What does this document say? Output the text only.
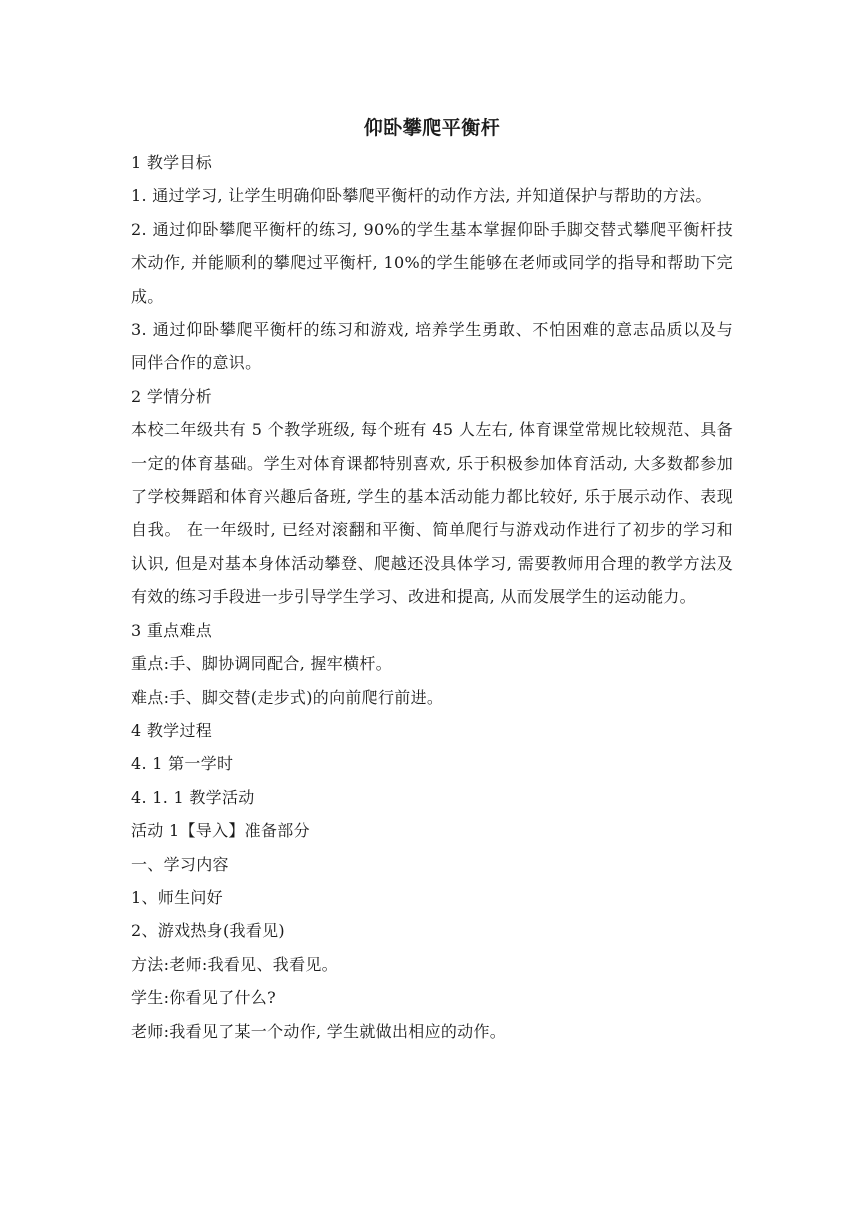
仰卧攀爬平衡杆

1 教学目标

1. 通过学习, 让学生明确仰卧攀爬平衡杆的动作方法, 并知道保护与帮助的方法。

2. 通过仰卧攀爬平衡杆的练习, 90%的学生基本掌握仰卧手脚交替式攀爬平衡杆技术动作, 并能顺利的攀爬过平衡杆, 10%的学生能够在老师或同学的指导和帮助下完成。

3. 通过仰卧攀爬平衡杆的练习和游戏, 培养学生勇敢、不怕困难的意志品质以及与同伴合作的意识。

2 学情分析

本校二年级共有 5 个教学班级, 每个班有 45 人左右, 体育课堂常规比较规范、具备一定的体育基础。学生对体育课都特别喜欢, 乐于积极参加体育活动, 大多数都参加了学校舞蹈和体育兴趣后备班, 学生的基本活动能力都比较好, 乐于展示动作、表现自我。 在一年级时, 已经对滚翻和平衡、简单爬行与游戏动作进行了初步的学习和认识, 但是对基本身体活动攀登、爬越还没具体学习, 需要教师用合理的教学方法及有效的练习手段进一步引导学生学习、改进和提高, 从而发展学生的运动能力。

3 重点难点

重点:手、脚协调同配合, 握牢横杆。

难点:手、脚交替(走步式)的向前爬行前进。

4 教学过程

4. 1 第一学时

4. 1. 1 教学活动

活动 1【导入】准备部分

一、学习内容

1、师生问好

2、游戏热身(我看见)

方法:老师:我看见、我看见。

学生:你看见了什么?

老师:我看见了某一个动作, 学生就做出相应的动作。
